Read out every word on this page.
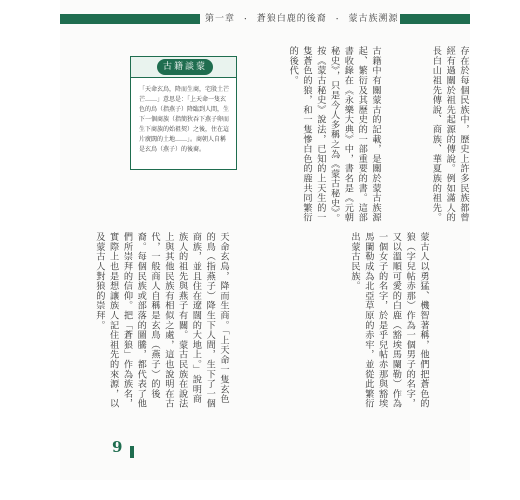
第一章 ・ 蒼狼白鹿的後裔 ・ 蒙古族溯源
古籍談蒙

「天命玄鳥，降而生商，宅殷土芒芒……」意思是：「上天命一隻玄色的鳥（指燕子）降臨到人間，生下一個商族（指簡狄吞下燕子卵而生下商族的始祖契）之後，住在這片廣闊的土地……」。商朝人自稱是玄鳥（燕子）的後裔。	古籍中有關蒙古的記載，是關於蒙古族源起、繁衍及其歷史的一部重要的書。這部書收錄在《永樂大典》中，書名是《元朝秘史》，只是今人多稱之為《蒙古秘史》。按《蒙古秘史》說法，已知的上天生的一隻蒼色的狼，和一隻慘白色的鹿共同繁衍的後代。	存在於每個民族中，歷史上許多民族都曾經有過關於祖先起源的傳說。例如滿人的長白山祖先傳說、商族、華夏族的祖先。
天命玄鳥，降而生商。「上天命一隻玄色的鳥（指燕子）降生下人間，生下了一個商族，並且住在遼闊的大地上。」說明商族人的祖先與燕子有關。蒙古民族在說法上與其他民族有相似之處，這也說明在古代，一般商人自稱是玄鳥（燕子）的後裔。每個民族或部落的圖騰，都代表了他們所崇拜的信仰。把「蒼狼」作為族名，實際上也是想讓族人記住祖先的來源，以及蒙古人對狼的崇拜。	蒙古人以勇猛、機智著稱，他們把蒼色的狼（字兒帖赤那）作為一個男子的名字，又以溫順可愛的白鹿（豁埃馬闌勒）作為一個女子的名字，於是乎兒帖赤那與豁埃馬闌勒成為北亞草原的赤牢，並從此繁衍出蒙古民族。
9
